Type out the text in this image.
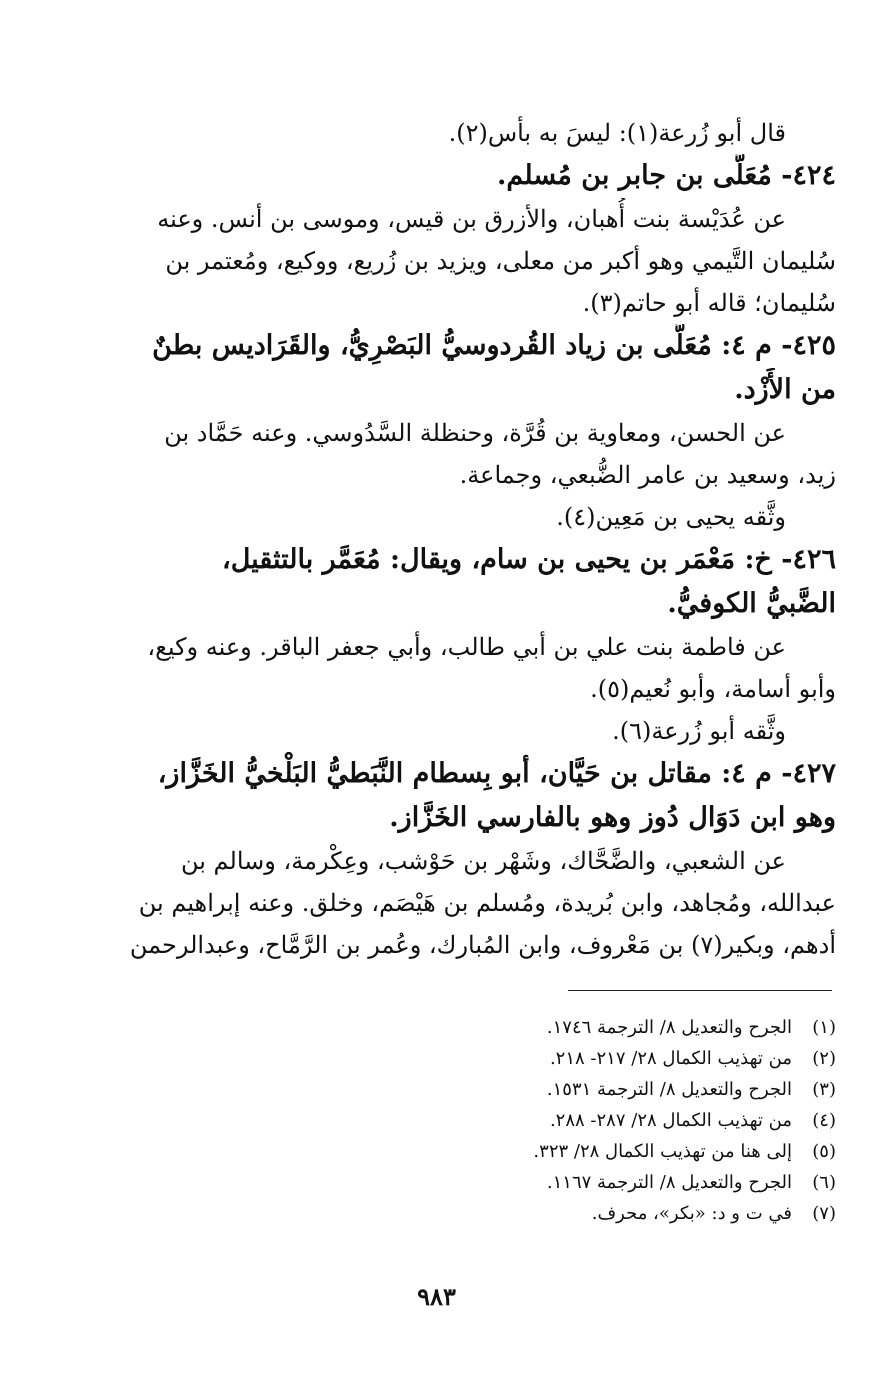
قال أبو زُرعة(١): ليسَ به بأس(٢).
٤٢٤- مُعَلَّى بن جابر بن مُسلم.
عن عُدَيْسة بنت أُهبان، والأزرق بن قيس، وموسى بن أنس. وعنه
سُليمان التَّيمي وهو أكبر من معلى، ويزيد بن زُريع، ووكيع، ومُعتمر بن
سُليمان؛ قاله أبو حاتم(٣).
٤٢٥- م ٤: مُعَلَّى بن زياد القُردوسيُّ البَصْرِيُّ، والقَرَاديس بطنٌ
من الأَزْد.
عن الحسن، ومعاوية بن قُرَّة، وحنظلة السَّدُوسي. وعنه حَمَّاد بن
زيد، وسعيد بن عامر الضُّبعي، وجماعة.
وثَّقه يحيى بن مَعِين(٤).
٤٢٦- خ: مَعْمَر بن يحيى بن سام، ويقال: مُعَمَّر بالتثقيل،
الضَّبيُّ الكوفيُّ.
عن فاطمة بنت علي بن أبي طالب، وأبي جعفر الباقر. وعنه وكيع،
وأبو أسامة، وأبو نُعيم(٥).
وثَّقه أبو زُرعة(٦).
٤٢٧- م ٤: مقاتل بن حَيَّان، أبو بِسطام النَّبَطيُّ البَلْخيُّ الخَزَّاز،
وهو ابن دَوَال دُوز وهو بالفارسي الخَزَّاز.
عن الشعبي، والضَّحَّاك، وشَهْر بن حَوْشب، وعِكْرمة، وسالم بن
عبدالله، ومُجاهد، وابن بُريدة، ومُسلم بن هَيْصَم، وخلق. وعنه إبراهيم بن
أدهم، وبكير(٧) بن مَعْروف، وابن المُبارك، وعُمر بن الرَّمَّاح، وعبدالرحمن
(١)الجرح والتعديل ٨/ الترجمة ١٧٤٦.
(٢)من تهذيب الكمال ٢٨/ ٢١٧- ٢١٨.
(٣)الجرح والتعديل ٨/ الترجمة ١٥٣١.
(٤)من تهذيب الكمال ٢٨/ ٢٨٧- ٢٨٨.
(٥)إلى هنا من تهذيب الكمال ٢٨/ ٣٢٣.
(٦)الجرح والتعديل ٨/ الترجمة ١١٦٧.
(٧)في ت و د: «بكر»، محرف.
٩٨٣
